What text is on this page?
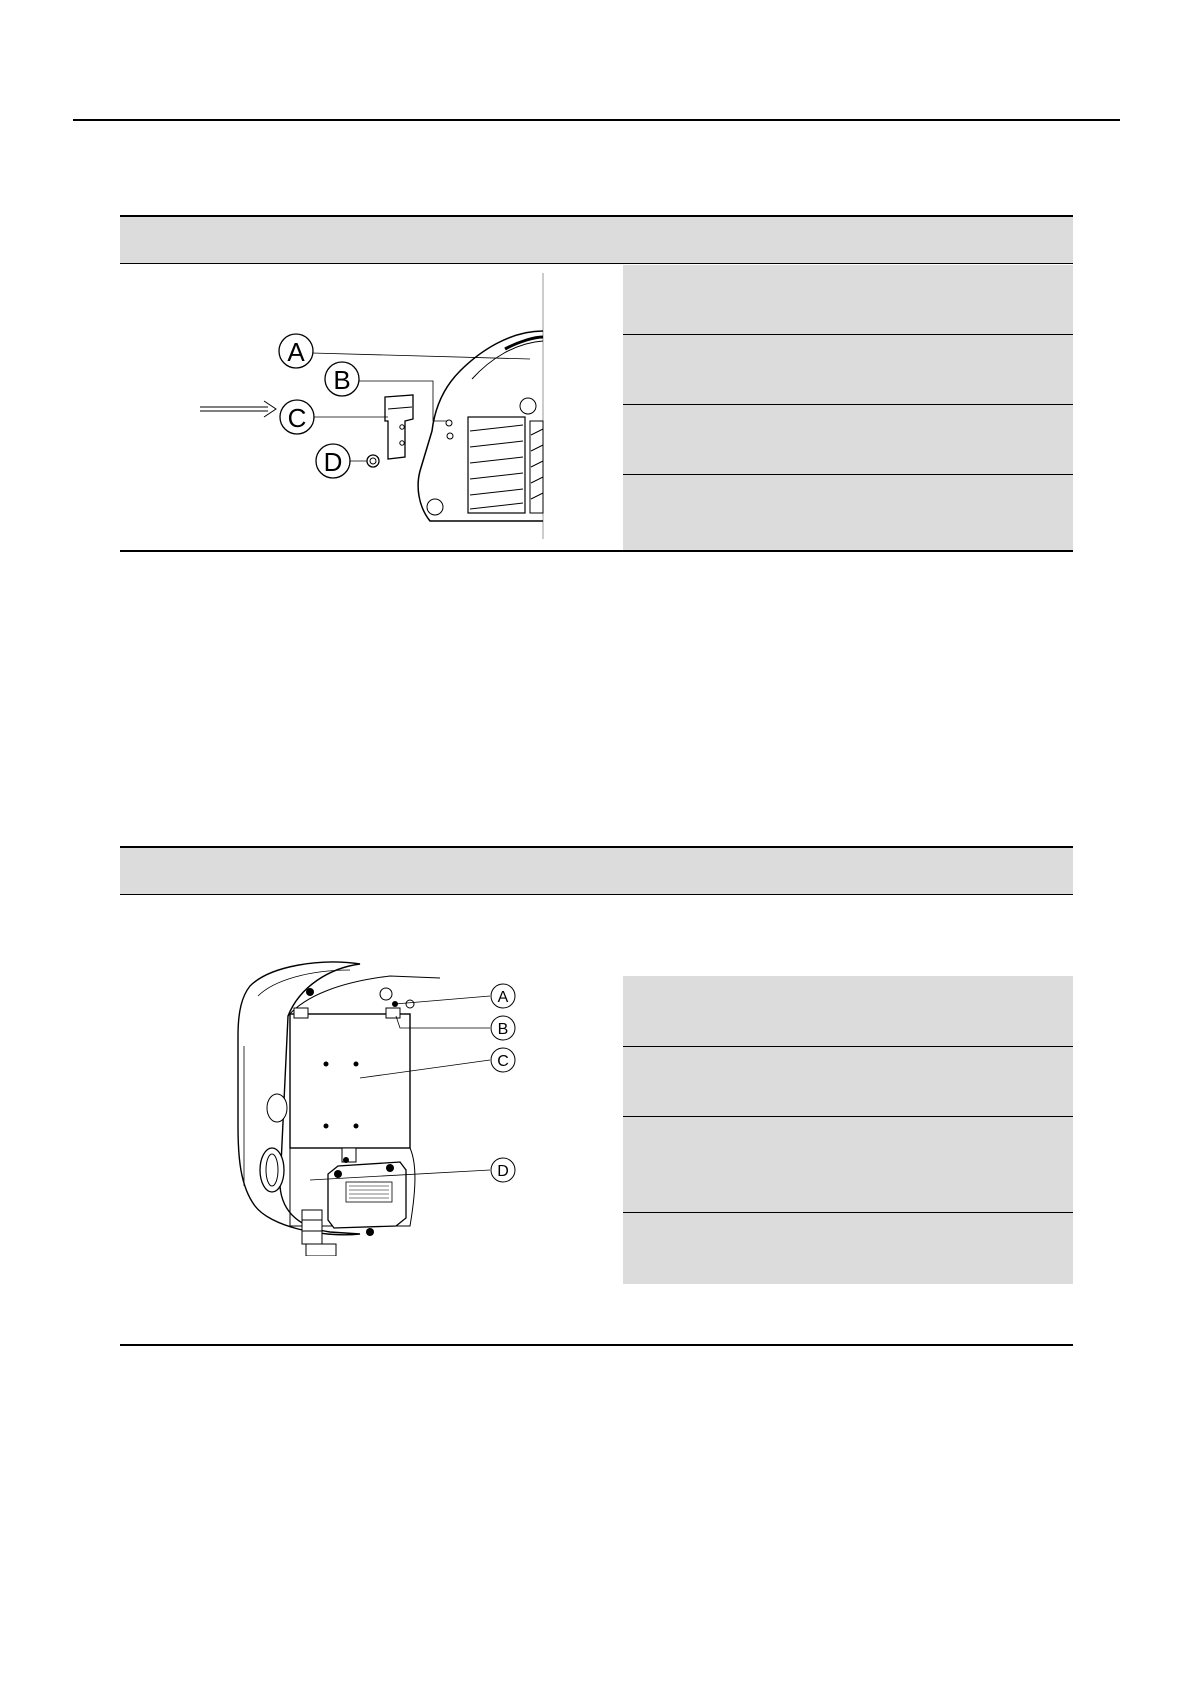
A
B
C
D
A
B
C
D
